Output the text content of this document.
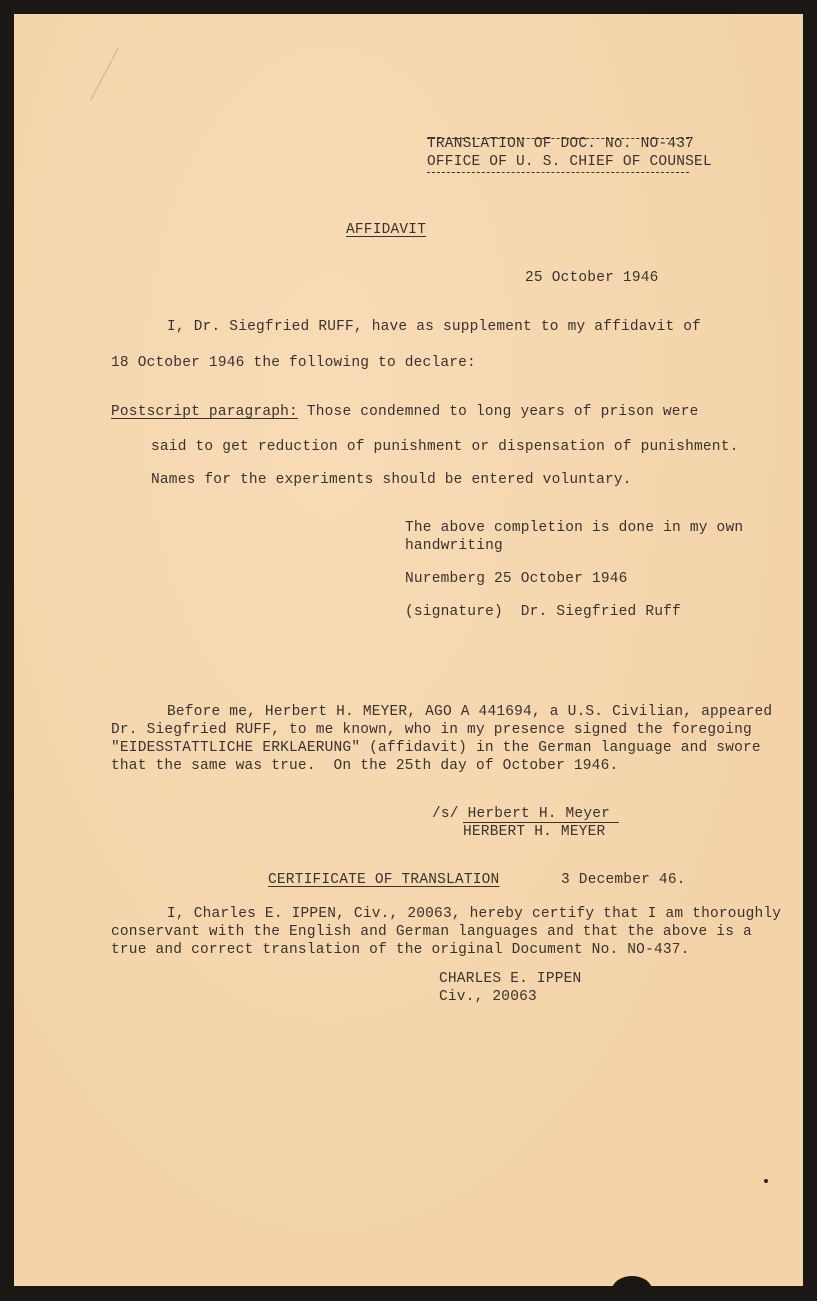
TRANSLATION OF DOC. No. NO-437
OFFICE OF U. S. CHIEF OF COUNSEL
AFFIDAVIT
25 October 1946
I, Dr. Siegfried RUFF, have as supplement to my affidavit of
18 October 1946 the following to declare:
Postscript paragraph: Those condemned to long years of prison were
said to get reduction of punishment or dispensation of punishment.
Names for the experiments should be entered voluntary.
The above completion is done in my own
handwriting
Nuremberg 25 October 1946
(signature)  Dr. Siegfried Ruff
Before me, Herbert H. MEYER, AGO A 441694, a U.S. Civilian, appeared
Dr. Siegfried RUFF, to me known, who in my presence signed the foregoing
"EIDESSTATTLICHE ERKLAERUNG" (affidavit) in the German language and swore
that the same was true.  On the 25th day of October 1946.
/s/ Herbert H. Meyer
HERBERT H. MEYER
CERTIFICATE OF TRANSLATION	3 December 46.
I, Charles E. IPPEN, Civ., 20063, hereby certify that I am thoroughly
conservant with the English and German languages and that the above is a
true and correct translation of the original Document No. NO-437.
CHARLES E. IPPEN
Civ., 20063
